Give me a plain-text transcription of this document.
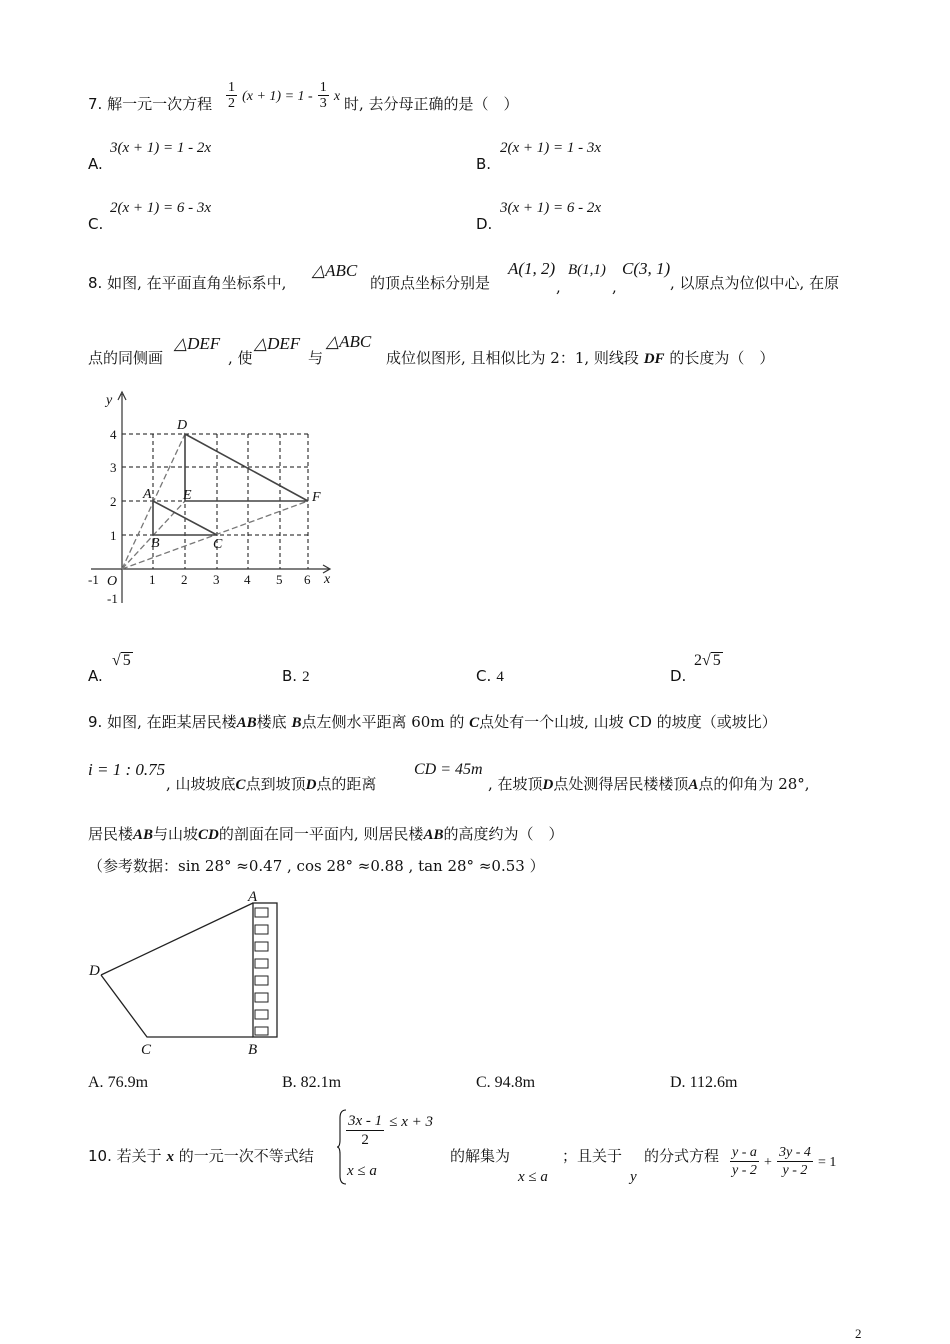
7. 解一元一次方程 $\frac{1}{2} (x + 1) = 1 - \frac{1}{3}$ x 时, 去分母正确的是（　）
A.
3(x + 1) = 1 - 2x
B.
2(x + 1) = 1 - 3x
C.
2(x + 1) = 6 - 3x
D.
3(x + 1) = 6 - 2x
8. 如图, 在平面直角坐标系中,
△ABC
的顶点坐标分别是
A(1, 2)
,
B(1,1)
,
C(3, 1)
, 以原点为位似中心, 在原
点的同侧画
△DEF
, 使
△DEF
与
△ABC
成位似图形, 且相似比为 2：1, 则线段 DF 的长度为（　）
D
A E	F
B	C
O	x
y
-1	1 2 3 4 5 6
4
3
2
1
-1
A.
√ 5
B. 2	C. 4	D.
2√ 5
9. 如图, 在距某居民楼AB楼底 B点左侧水平距离 60m 的 C点处有一个山坡, 山坡 CD 的坡度（或坡比）
i = 1 : 0.75
, 山坡坡底C点到坡顶D点的距离
CD = 45m
, 在坡顶D点处测得居民楼楼顶A点的仰角为 28°,
居民楼AB与山坡CD的剖面在同一平面内, 则居民楼AB的高度约为（　）
（参考数据：sin 28° ≈0.47 , cos 28° ≈0.88 , tan 28° ≈0.53 ）
A
D
C	B
A. 76.9m	B. 82.1m	C. 94.8m	D. 112.6m
10. 若关于 x 的一元一次不等式结
$\frac{3x - 1}{2} \le x + 3$
x ≤ a
的解集为
x ≤ a
；且关于
y
的分式方程 $\frac{y - a}{y - 2} + \frac{3y - 4}{y - 2} = 1$
2
